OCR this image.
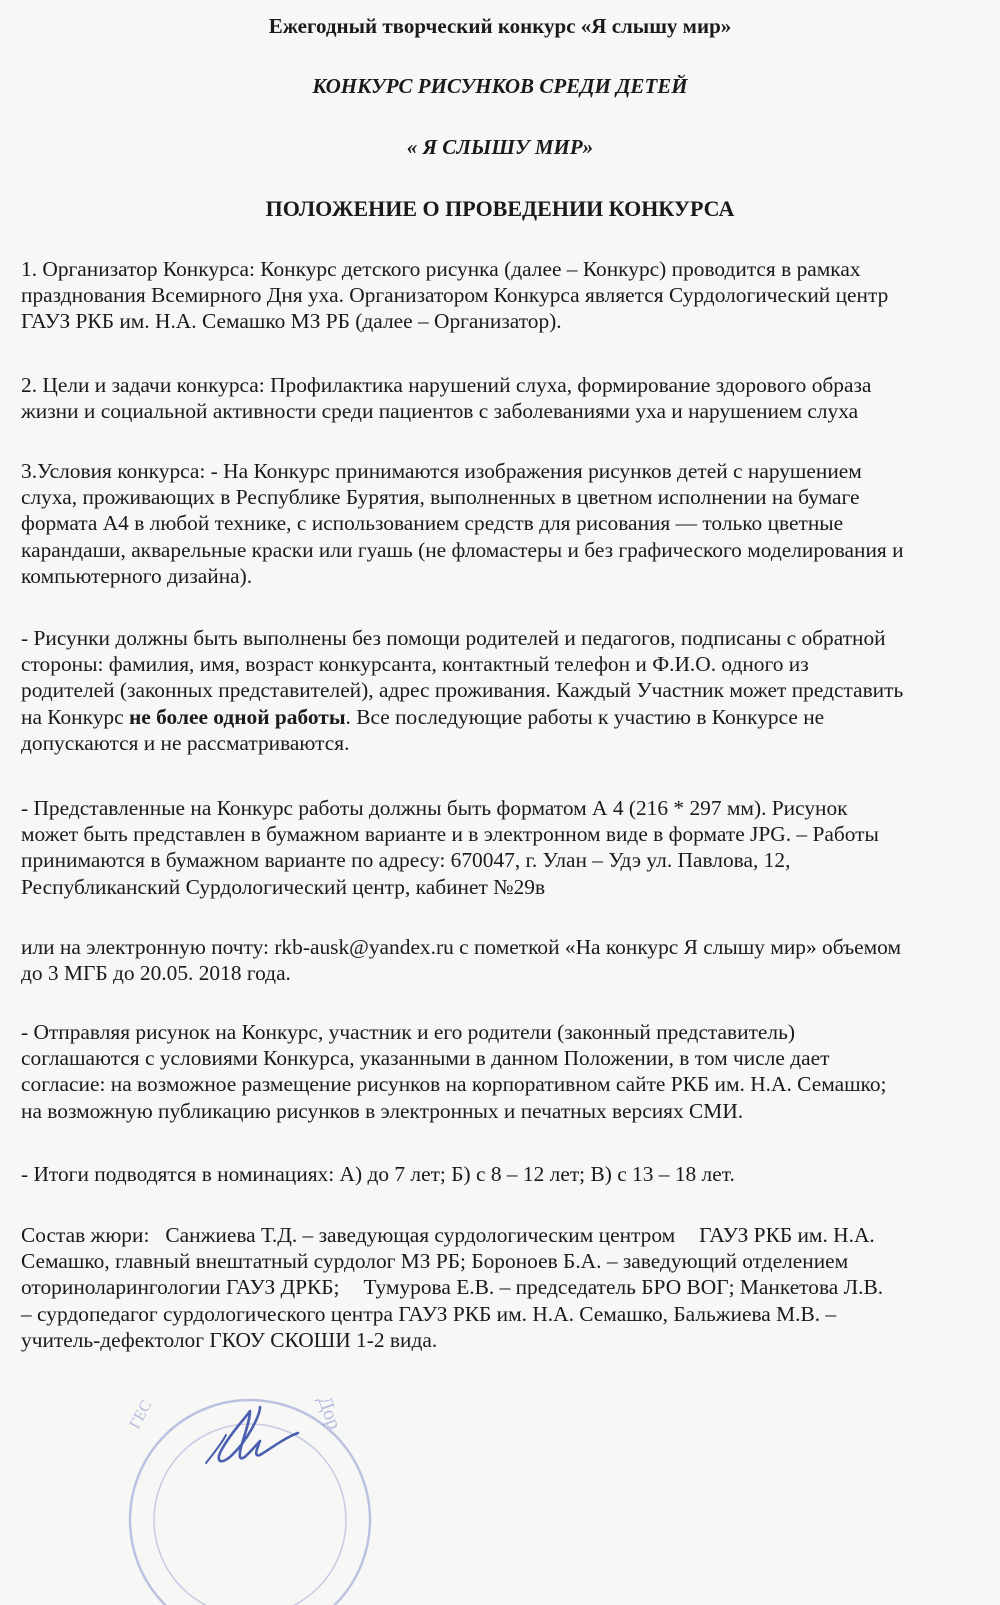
Ежегодный творческий конкурс «Я слышу мир»
КОНКУРС РИСУНКОВ СРЕДИ ДЕТЕЙ
« Я СЛЫШУ МИР»
ПОЛОЖЕНИЕ О ПРОВЕДЕНИИ КОНКУРСА
1. Организатор Конкурса: Конкурс детского рисунка (далее – Конкурс) проводится в рамках
празднования Всемирного Дня уха. Организатором Конкурса является Сурдологический центр
ГАУЗ РКБ им. Н.А. Семашко МЗ РБ (далее – Организатор).
2. Цели и задачи конкурса: Профилактика нарушений слуха, формирование здорового образа
жизни и социальной активности среди пациентов с заболеваниями уха и нарушением слуха
3.Условия конкурса: - На Конкурс принимаются изображения рисунков детей с нарушением
слуха, проживающих в Республике Бурятия, выполненных в цветном исполнении на бумаге
формата А4 в любой технике, с использованием средств для рисования — только цветные
карандаши, акварельные краски или гуашь (не фломастеры и без графического моделирования и
компьютерного дизайна).
- Рисунки должны быть выполнены без помощи родителей и педагогов, подписаны с обратной
стороны: фамилия, имя, возраст конкурсанта, контактный телефон и Ф.И.О. одного из
родителей (законных представителей), адрес проживания. Каждый Участник может представить
на Конкурс не более одной работы. Все последующие работы к участию в Конкурсе не
допускаются и не рассматриваются.
- Представленные на Конкурс работы должны быть форматом А 4 (216 * 297 мм). Рисунок
может быть представлен в бумажном варианте и в электронном виде в формате JPG. – Работы
принимаются в бумажном варианте по адресу: 670047, г. Улан – Удэ ул. Павлова, 12,
Республиканский Сурдологический центр, кабинет №29в
или на электронную почту: rkb-ausk@yandex.ru с пометкой «На конкурс Я слышу мир» объемом
до 3 МГБ до 20.05. 2018 года.
- Отправляя рисунок на Конкурс, участник и его родители (законный представитель)
соглашаются с условиями Конкурса, указанными в данном Положении, в том числе дает
согласие: на возможное размещение рисунков на корпоративном сайте РКБ им. Н.А. Семашко;
на возможную публикацию рисунков в электронных и печатных версиях СМИ.
- Итоги подводятся в номинациях: А) до 7 лет; Б) с 8 – 12 лет; В) с 13 – 18 лет.
Состав жюри: Санжиева Т.Д. – заведующая сурдологическим центром ГАУЗ РКБ им. Н.А.
Семашко, главный внештатный сурдолог МЗ РБ; Бороноев Б.А. – заведующий отделением
оториноларингологии ГАУЗ ДРКБ; Тумурова Е.В. – председатель БРО ВОГ; Манкетова Л.В.
– сурдопедагог сурдологического центра ГАУЗ РКБ им. Н.А. Семашко, Бальжиева М.В. –
учитель-дефектолог ГКОУ СКОШИ 1-2 вида.
ГЕС	Дор
